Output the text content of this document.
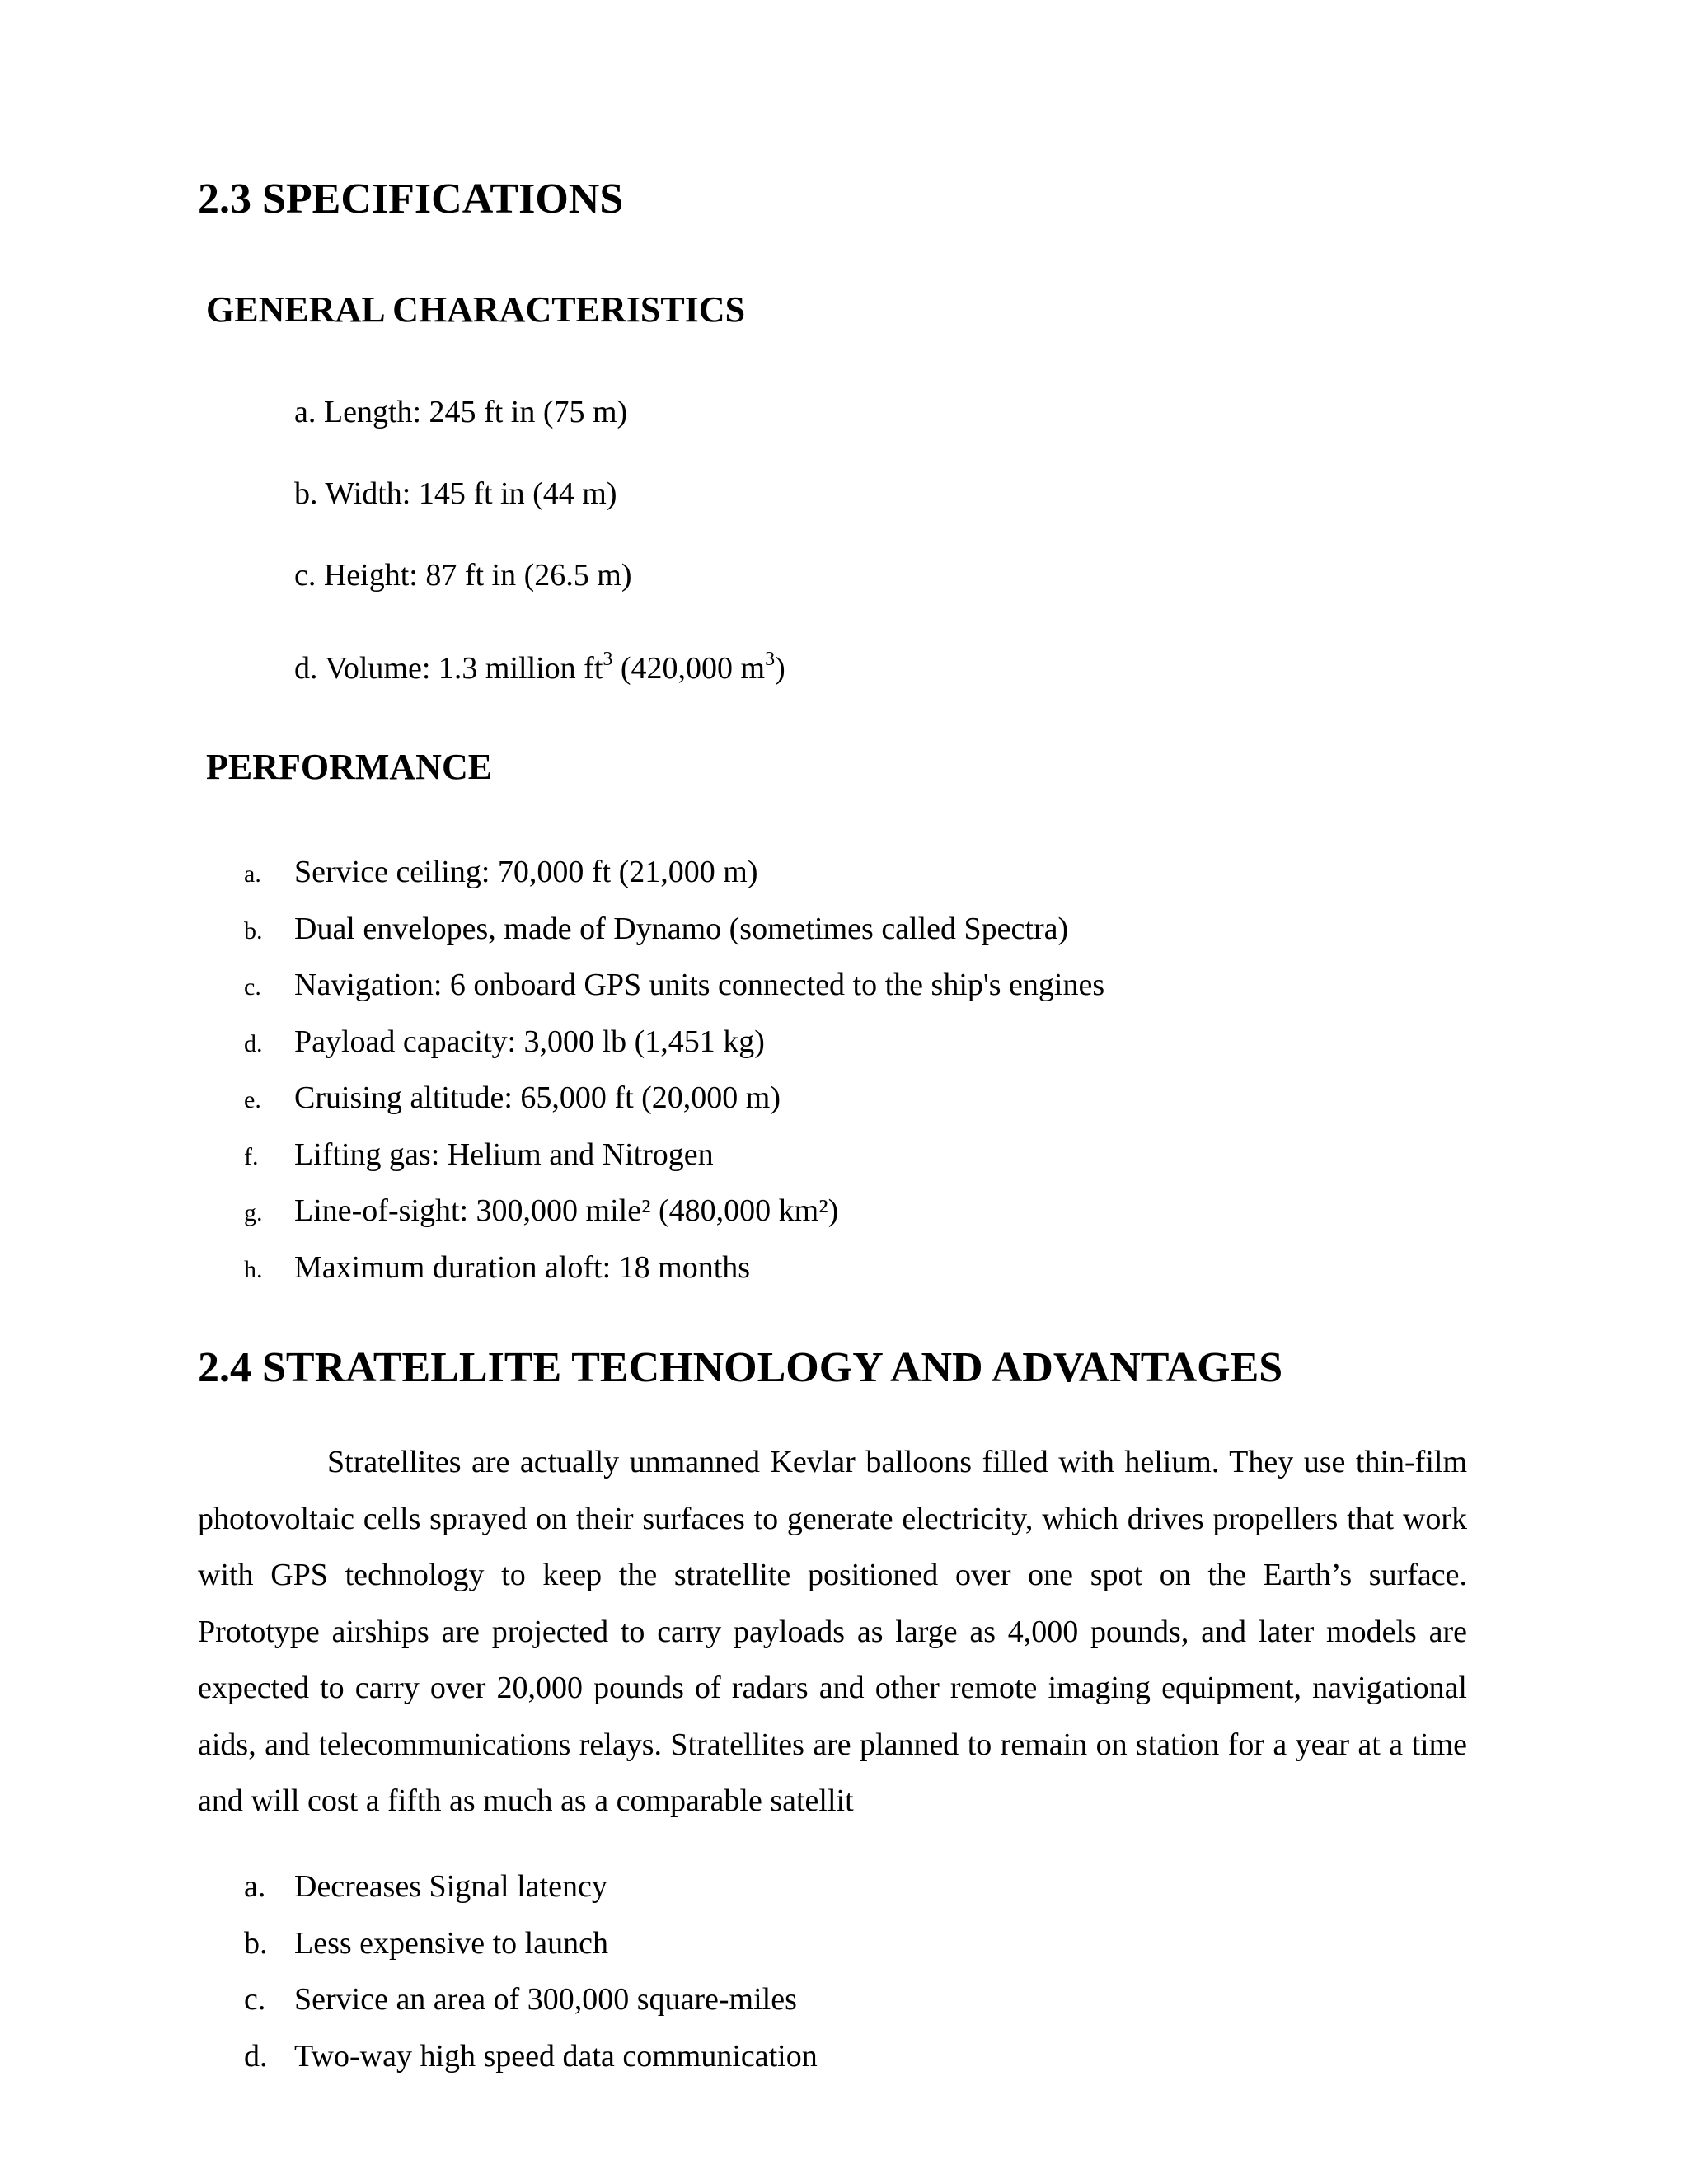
2.3 SPECIFICATIONS
GENERAL CHARACTERISTICS
a. Length: 245 ft in (75 m)
b. Width: 145 ft in (44 m)
c. Height: 87 ft in (26.5 m)
d. Volume: 1.3 million $ft^3$ (420,000 $m^3$)
PERFORMANCE
a.	Service ceiling: 70,000 ft (21,000 m)
b.	Dual envelopes, made of Dynamo (sometimes called Spectra)
c.	Navigation: 6 onboard GPS units connected to the ship's engines
d.	Payload capacity: 3,000 lb (1,451 kg)
e.	Cruising altitude: 65,000 ft (20,000 m)
f.	Lifting gas: Helium and Nitrogen
g.	Line-of-sight: 300,000 mile² (480,000 km²)
h.	Maximum duration aloft: 18 months
2.4 STRATELLITE TECHNOLOGY AND ADVANTAGES

Stratellites are actually unmanned Kevlar balloons filled with helium. They use thin-film photovoltaic cells sprayed on their surfaces to generate electricity, which drives propellers that work with GPS technology to keep the stratellite positioned over one spot on the Earth’s surface. Prototype airships are projected to carry payloads as large as 4,000 pounds, and later models are expected to carry over 20,000 pounds of radars and other remote imaging equipment, navigational aids, and telecommunications relays. Stratellites are planned to remain on station for a year at a time and will cost a fifth as much as a comparable satellit

a. Decreases Signal latency
b. Less expensive to launch
c. Service an area of 300,000 square-miles
d. Two-way high speed data communication
